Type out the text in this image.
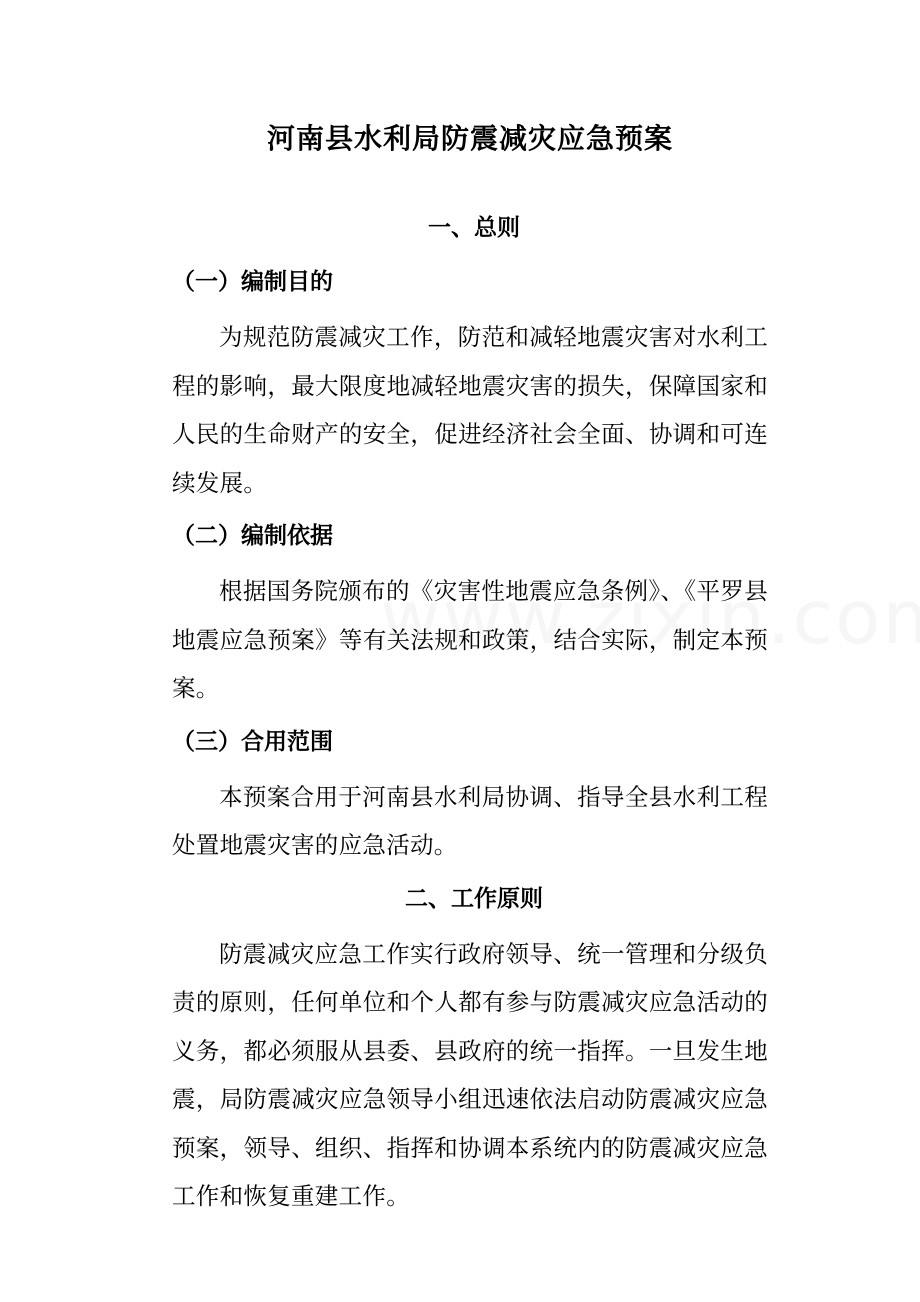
河南县水利局防震减灾应急预案
一、总则
（一）编制目的

为规范防震减灾工作，防范和减轻地震灾害对水利工程的影响，最大限度地减轻地震灾害的损失，保障国家和人民的生命财产的安全，促进经济社会全面、协调和可连续发展。

（二）编制依据

根据国务院颁布的《灾害性地震应急条例》、《平罗县地震应急预案》等有关法规和政策，结合实际，制定本预案。

（三）合用范围

本预案合用于河南县水利局协调、指导全县水利工程处置地震灾害的应急活动。

二、工作原则

防震减灾应急工作实行政府领导、统一管理和分级负责的原则，任何单位和个人都有参与防震减灾应急活动的义务，都必须服从县委、县政府的统一指挥。一旦发生地震，局防震减灾应急领导小组迅速依法启动防震减灾应急预案，领导、组织、指挥和协调本系统内的防震减灾应急工作和恢复重建工作。
